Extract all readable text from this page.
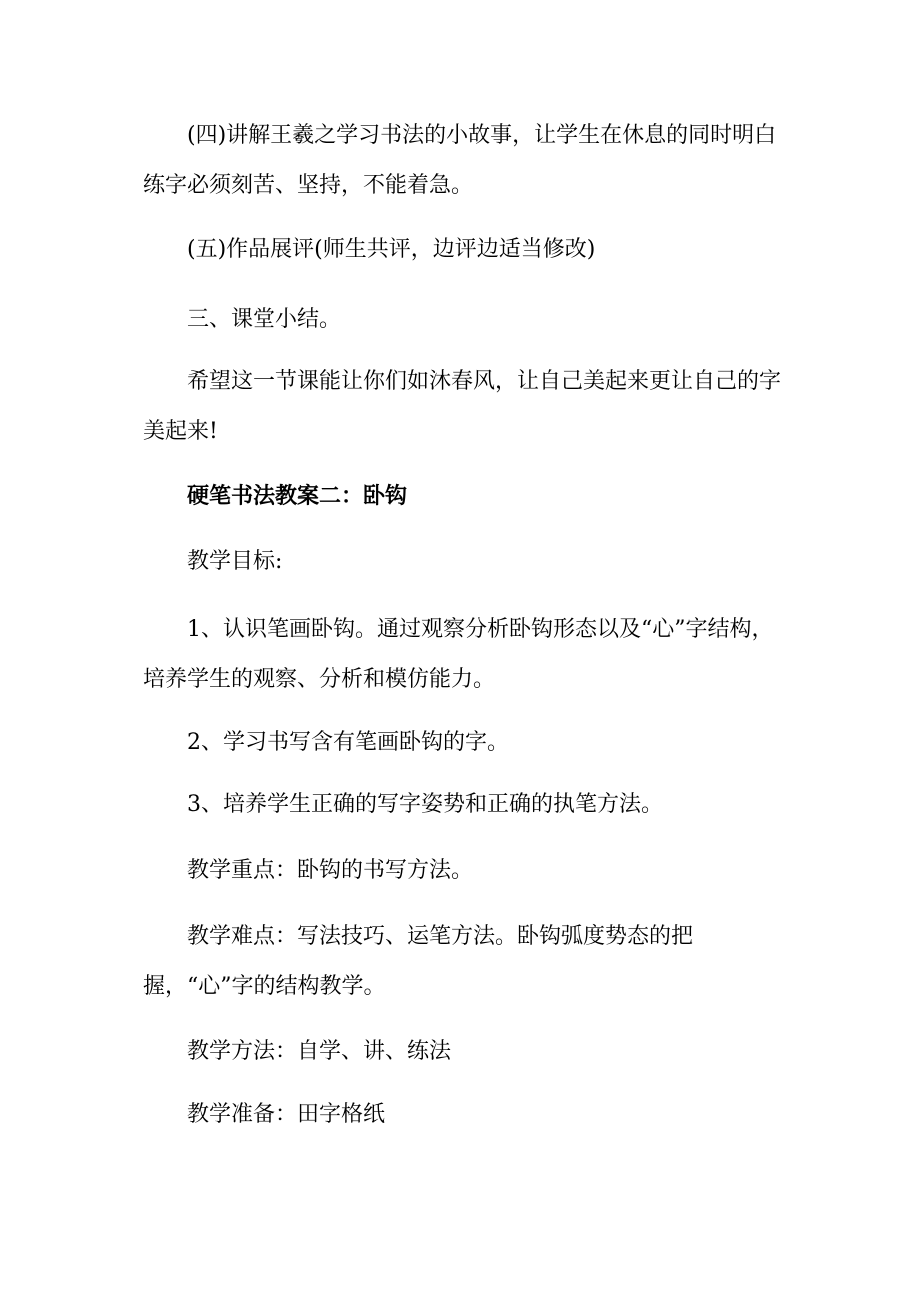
(四)讲解王羲之学习书法的小故事，让学生在休息的同时明白练字必须刻苦、坚持，不能着急。

(五)作品展评(师生共评，边评边适当修改)

三、课堂小结。

希望这一节课能让你们如沐春风，让自己美起来更让自己的字美起来!

硬笔书法教案二：卧钩

教学目标:

1、认识笔画卧钩。通过观察分析卧钩形态以及“心”字结构，培养学生的观察、分析和模仿能力。

2、学习书写含有笔画卧钩的字。

3、培养学生正确的写字姿势和正确的执笔方法。

教学重点：卧钩的书写方法。

教学难点：写法技巧、运笔方法。卧钩弧度势态的把握，“心”字的结构教学。

教学方法：自学、讲、练法

教学准备：田字格纸
